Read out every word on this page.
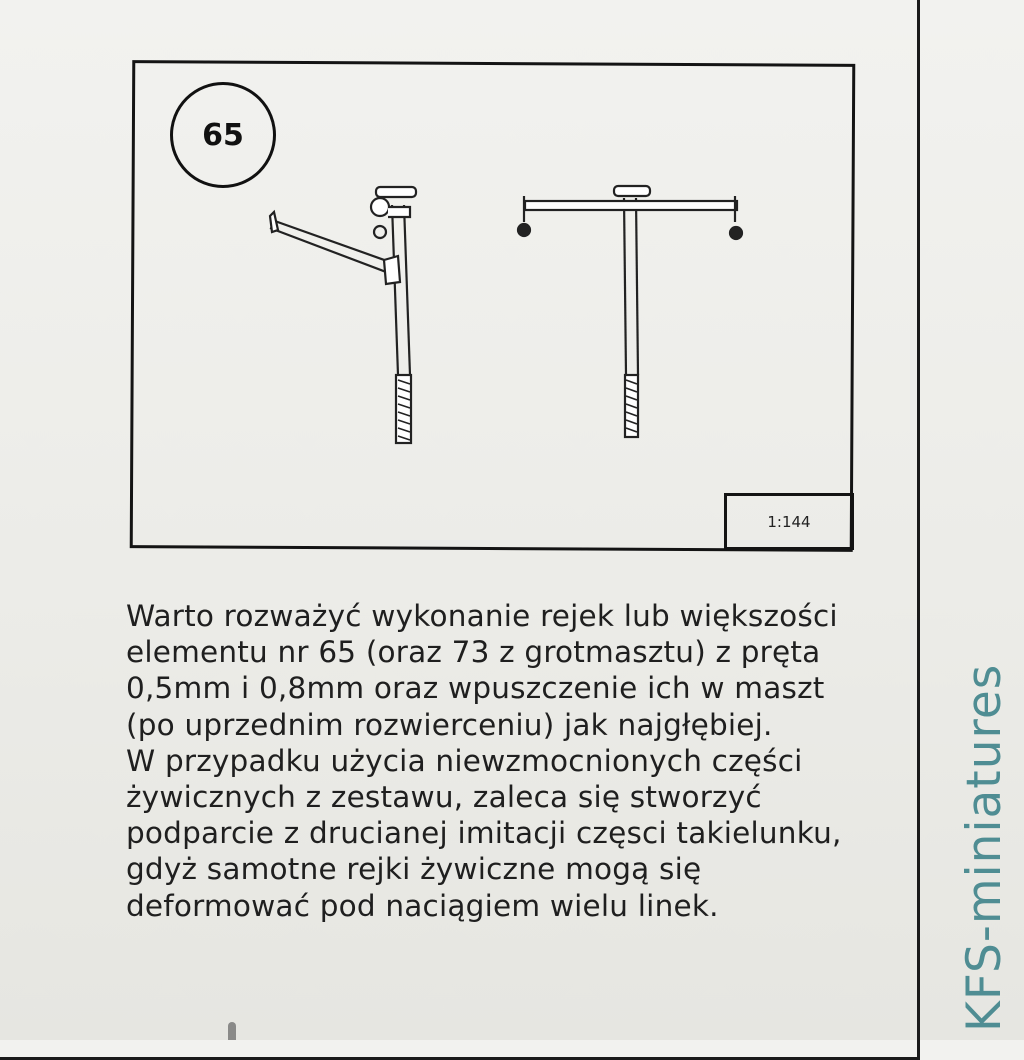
65
1:144
Warto rozważyć wykonanie rejek lub większości
elementu nr 65 (oraz 73 z grotmasztu) z pręta
0,5mm i 0,8mm oraz wpuszczenie ich w maszt
(po uprzednim rozwierceniu) jak najgłębiej.
W przypadku użycia niewzmocnionych części
żywicznych z zestawu, zaleca się stworzyć
podparcie z drucianej imitacji częsci takielunku,
gdyż samotne rejki żywiczne mogą się
deformować pod naciągiem wielu linek.	KFS-miniatures
